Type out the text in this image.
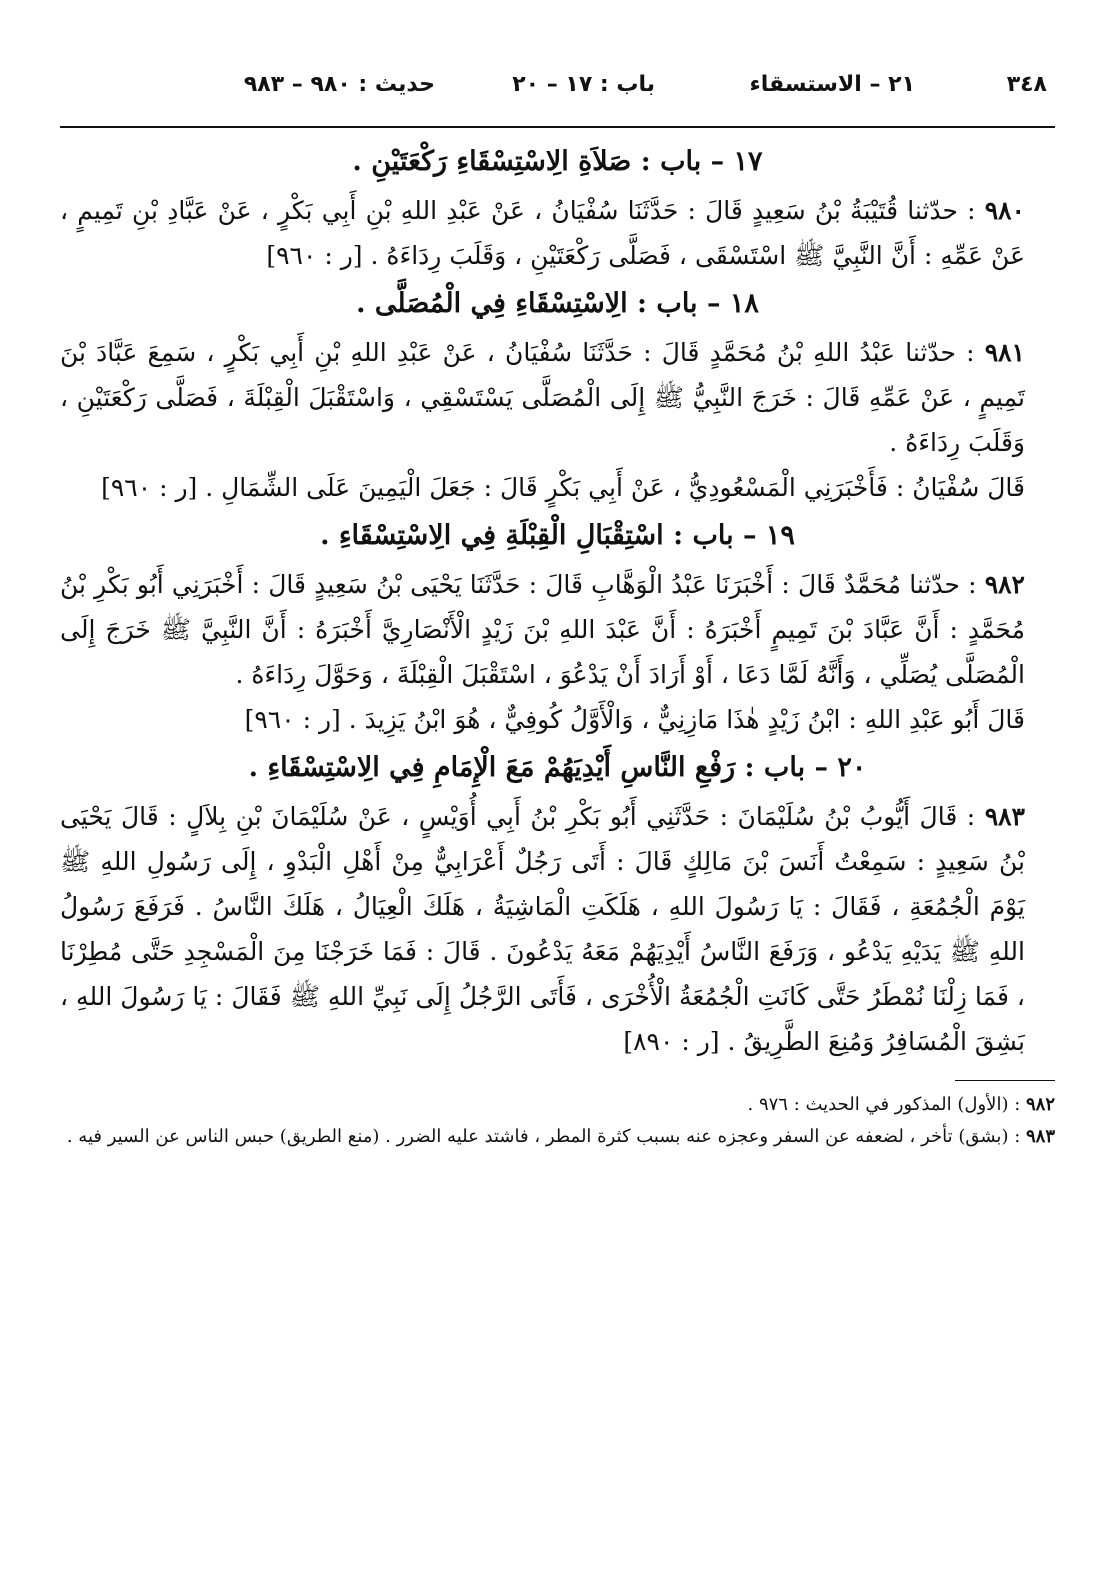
٣٤٨
٢١ – الاستسقاء
باب : ١٧ – ٢٠
حديث : ٩٨٠ – ٩٨٣
١٧ – باب : صَلاَةِ الِاسْتِسْقَاءِ رَكْعَتَيْنِ .

٩٨٠ : حدّثنا قُتَيْبَةُ بْنُ سَعِيدٍ قَالَ : حَدَّثَنَا سُفْيَانُ ، عَنْ عَبْدِ اللهِ بْنِ أَبِي بَكْرٍ ، عَنْ عَبَّادِ بْنِ تَمِيمٍ ، عَنْ عَمِّهِ : أَنَّ النَّبِيَّ ﷺ اسْتَسْقَى ، فَصَلَّى رَكْعَتَيْنِ ، وَقَلَبَ رِدَاءَهُ . [ر : ٩٦٠]

١٨ – باب : الِاسْتِسْقَاءِ فِي الْمُصَلَّى .

٩٨١ : حدّثنا عَبْدُ اللهِ بْنُ مُحَمَّدٍ قَالَ : حَدَّثَنَا سُفْيَانُ ، عَنْ عَبْدِ اللهِ بْنِ أَبِي بَكْرٍ ، سَمِعَ عَبَّادَ بْنَ تَمِيمٍ ، عَنْ عَمِّهِ قَالَ : خَرَجَ النَّبِيُّ ﷺ إِلَى الْمُصَلَّى يَسْتَسْقِي ، وَاسْتَقْبَلَ الْقِبْلَةَ ، فَصَلَّى رَكْعَتَيْنِ ، وَقَلَبَ رِدَاءَهُ .

قَالَ سُفْيَانُ : فَأَخْبَرَنِي الْمَسْعُودِيُّ ، عَنْ أَبِي بَكْرٍ قَالَ : جَعَلَ الْيَمِينَ عَلَى الشِّمَالِ . [ر : ٩٦٠]

١٩ – باب : اسْتِقْبَالِ الْقِبْلَةِ فِي الِاسْتِسْقَاءِ .

٩٨٢ : حدّثنا مُحَمَّدٌ قَالَ : أَخْبَرَنَا عَبْدُ الْوَهَّابِ قَالَ : حَدَّثَنَا يَحْيَى بْنُ سَعِيدٍ قَالَ : أَخْبَرَنِي أَبُو بَكْرِ بْنُ مُحَمَّدٍ : أَنَّ عَبَّادَ بْنَ تَمِيمٍ أَخْبَرَهُ : أَنَّ عَبْدَ اللهِ بْنَ زَيْدٍ الْأَنْصَارِيَّ أَخْبَرَهُ : أَنَّ النَّبِيَّ ﷺ خَرَجَ إِلَى الْمُصَلَّى يُصَلِّي ، وَأَنَّهُ لَمَّا دَعَا ، أَوْ أَرَادَ أَنْ يَدْعُوَ ، اسْتَقْبَلَ الْقِبْلَةَ ، وَحَوَّلَ رِدَاءَهُ .

قَالَ أَبُو عَبْدِ اللهِ : ابْنُ زَيْدٍ هٰذَا مَازِنِيٌّ ، وَالْأَوَّلُ كُوفِيٌّ ، هُوَ ابْنُ يَزِيدَ . [ر : ٩٦٠]

٢٠ – باب : رَفْعِ النَّاسِ أَيْدِيَهُمْ مَعَ الْإِمَامِ فِي الِاسْتِسْقَاءِ .

٩٨٣ : قَالَ أَيُّوبُ بْنُ سُلَيْمَانَ : حَدَّثَنِي أَبُو بَكْرِ بْنُ أَبِي أُوَيْسٍ ، عَنْ سُلَيْمَانَ بْنِ بِلاَلٍ : قَالَ يَحْيَى بْنُ سَعِيدٍ : سَمِعْتُ أَنَسَ بْنَ مَالِكٍ قَالَ : أَتَى رَجُلٌ أَعْرَابِيٌّ مِنْ أَهْلِ الْبَدْوِ ، إِلَى رَسُولِ اللهِ ﷺ يَوْمَ الْجُمُعَةِ ، فَقَالَ : يَا رَسُولَ اللهِ ، هَلَكَتِ الْمَاشِيَةُ ، هَلَكَ الْعِيَالُ ، هَلَكَ النَّاسُ . فَرَفَعَ رَسُولُ اللهِ ﷺ يَدَيْهِ يَدْعُو ، وَرَفَعَ النَّاسُ أَيْدِيَهُمْ مَعَهُ يَدْعُونَ . قَالَ : فَمَا خَرَجْنَا مِنَ الْمَسْجِدِ حَتَّى مُطِرْنَا ، فَمَا زِلْنَا نُمْطَرُ حَتَّى كَانَتِ الْجُمُعَةُ الْأُخْرَى ، فَأَتَى الرَّجُلُ إِلَى نَبِيِّ اللهِ ﷺ فَقَالَ : يَا رَسُولَ اللهِ ، بَشِقَ الْمُسَافِرُ وَمُنِعَ الطَّرِيقُ . [ر : ٨٩٠]

٩٨٢ : (الأول) المذكور في الحديث : ٩٧٦ .

٩٨٣ : (بشق) تأخر ، لضعفه عن السفر وعجزه عنه بسبب كثرة المطر ، فاشتد عليه الضرر . (منع الطريق) حبس الناس عن السير فيه .
